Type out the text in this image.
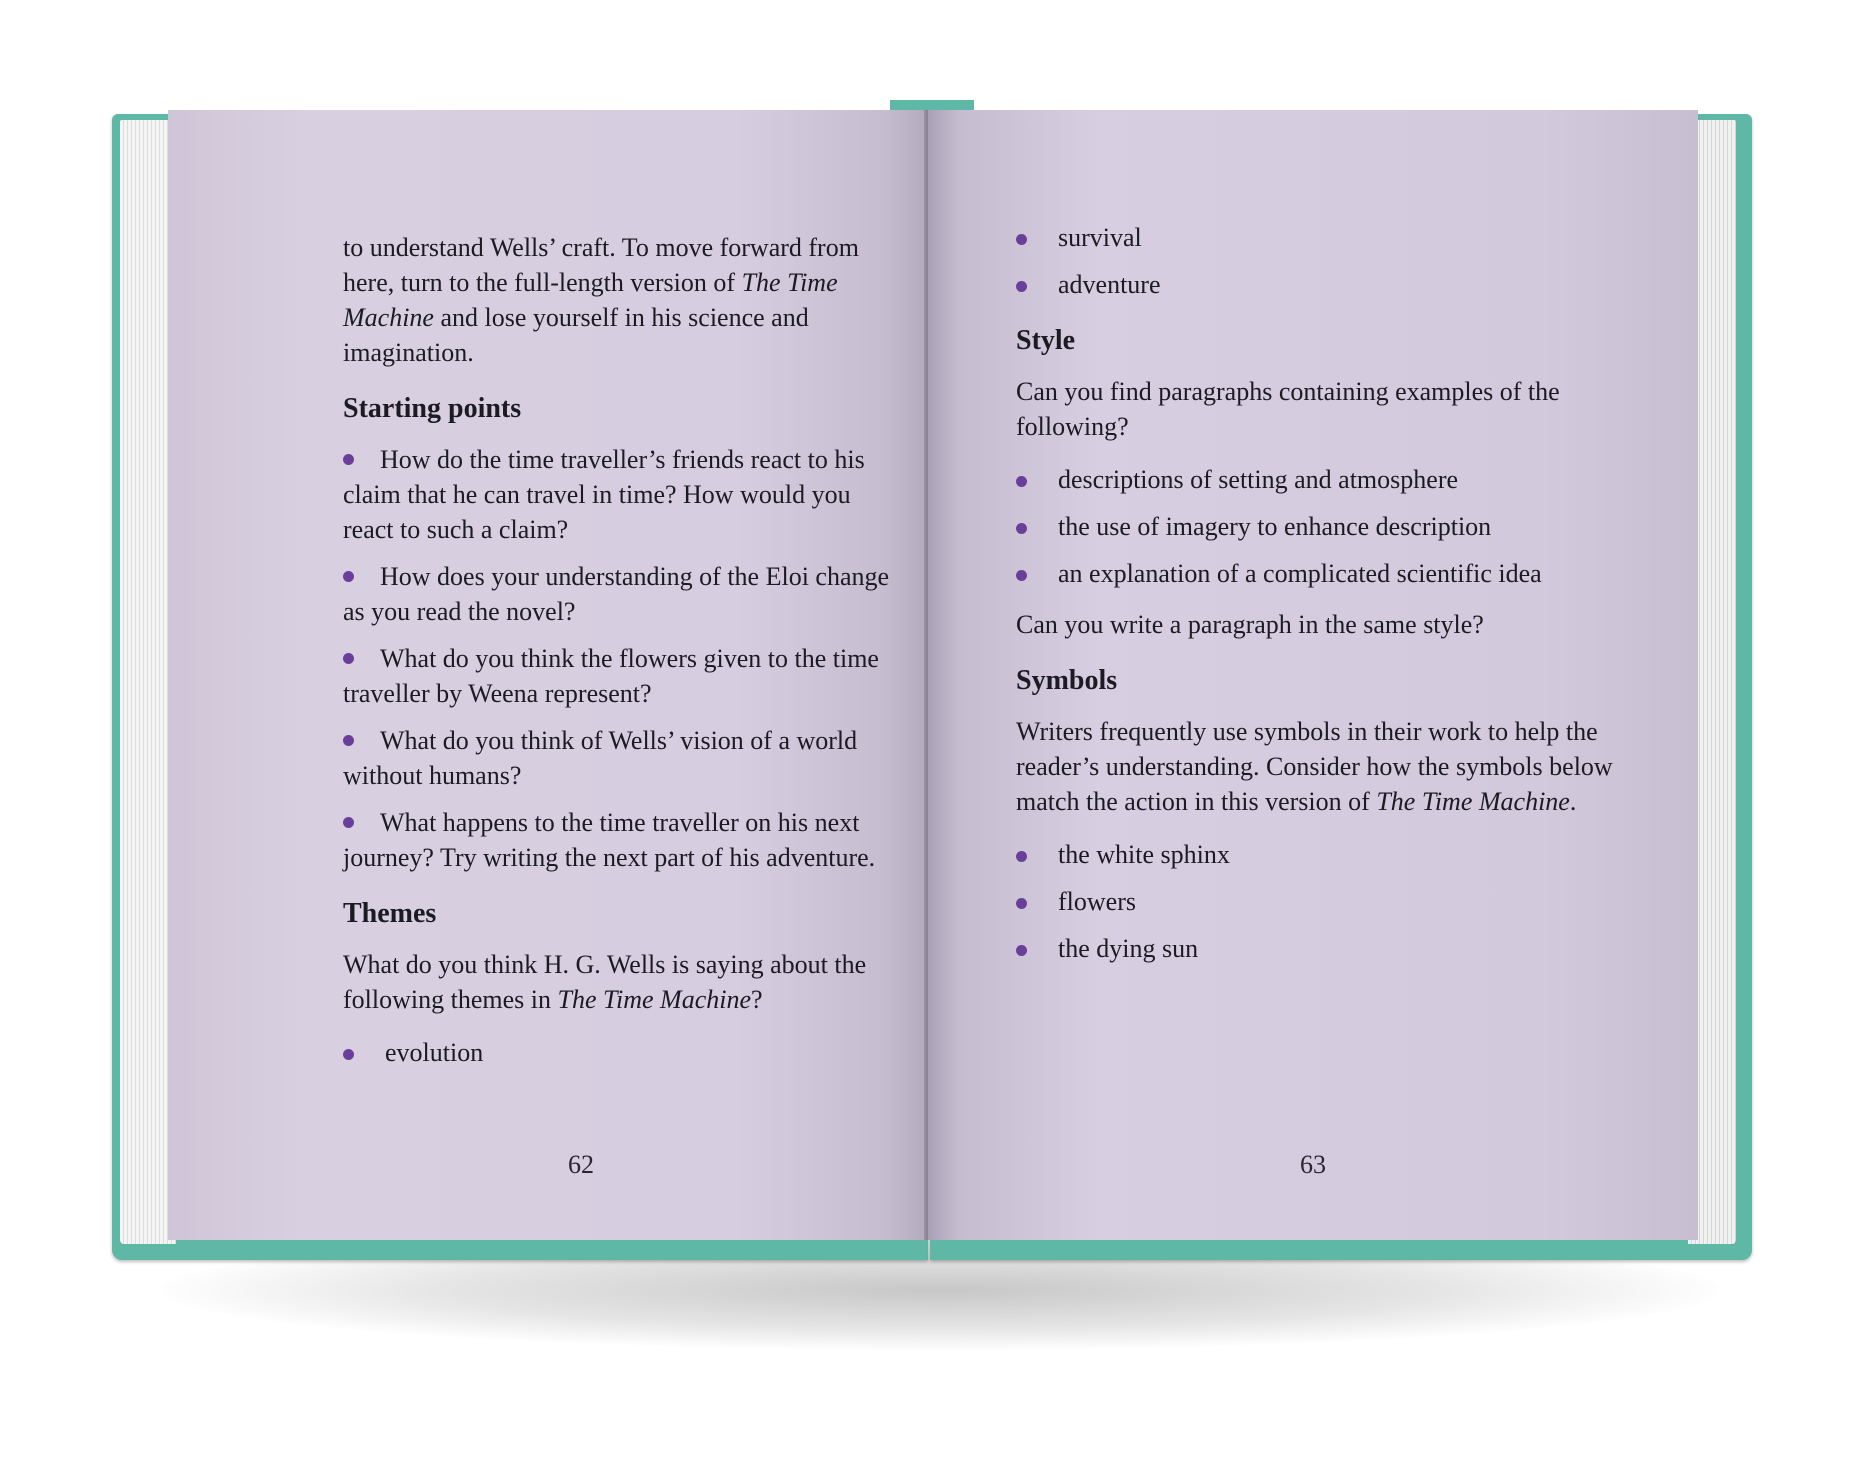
to understand Wells’ craft. To move forward from here, turn to the full-length version of The Time Machine and lose yourself in his science and imagination.

Starting points
How do the time traveller’s friends react to his claim that he can travel in time? How would you react to such a claim?
How does your understanding of the Eloi change as you read the novel?
What do you think the flowers given to the time traveller by Weena represent?
What do you think of Wells’ vision of a world without humans?
What happens to the time traveller on his next journey? Try writing the next part of his adventure.
Themes

What do you think H. G. Wells is saying about the following themes in The Time Machine?

evolution
62
survival
adventure
Style

Can you find paragraphs containing examples of the following?

descriptions of setting and atmosphere
the use of imagery to enhance description
an explanation of a complicated scientific idea

Can you write a paragraph in the same style?

Symbols

Writers frequently use symbols in their work to help the reader’s understanding. Consider how the symbols below match the action in this version of The Time Machine.

the white sphinx
flowers
the dying sun
63
